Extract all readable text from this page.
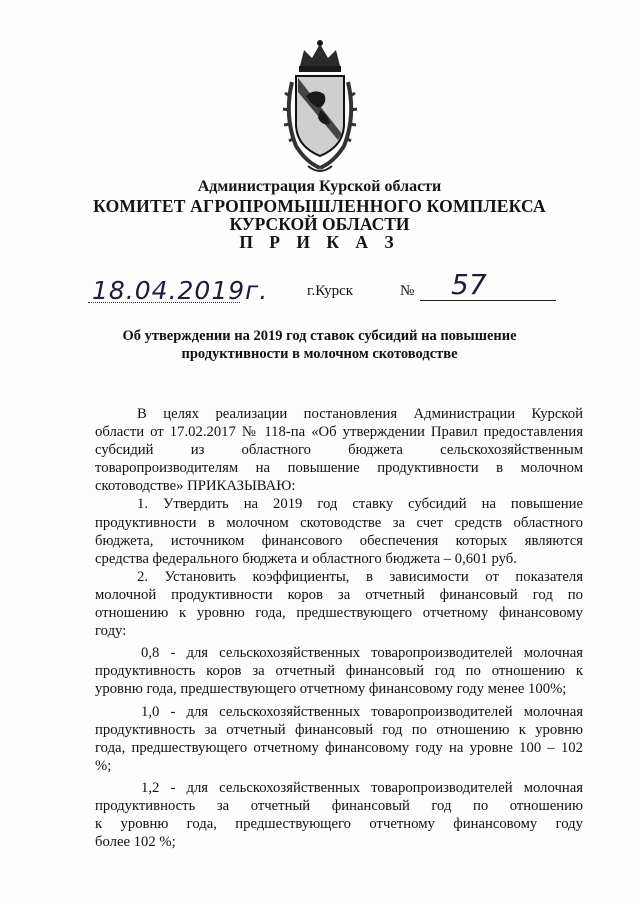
Администрация Курской области
КОМИТЕТ АГРОПРОМЫШЛЕННОГО КОМПЛЕКСА
КУРСКОЙ ОБЛАСТИ
П Р И К А З
18.04.2019г.	г.Курск	№ 57
Об утверждении на 2019 год ставок субсидий на повышение
продуктивности в молочном скотоводстве

В целях реализации постановления Администрации Курской

области от 17.02.2017 № 118-па «Об утверждении Правил предоставления

субсидий из областного бюджета сельскохозяйственным

товаропроизводителям на повышение продуктивности в молочном

скотоводстве» ПРИКАЗЫВАЮ:

1. Утвердить на 2019 год ставку субсидий на повышение

продуктивности в молочном скотоводстве за счет средств областного

бюджета, источником финансового обеспечения которых являются

средства федерального бюджета и областного бюджета – 0,601 руб.

2. Установить коэффициенты, в зависимости от показателя

молочной продуктивности коров за отчетный финансовый год по

отношению к уровню года, предшествующего отчетному финансовому

году:

0,8 - для сельскохозяйственных товаропроизводителей молочная

продуктивность коров за отчетный финансовый год по отношению к

уровню года, предшествующего отчетному финансовому году менее 100%;

1,0 - для сельскохозяйственных товаропроизводителей молочная

продуктивность за отчетный финансовый год по отношению к уровню

года, предшествующего отчетному финансовому году на уровне 100 – 102

%;

1,2 - для сельскохозяйственных товаропроизводителей молочная

продуктивность за отчетный финансовый год по отношению

к уровню года, предшествующего отчетному финансовому году

более 102 %;
